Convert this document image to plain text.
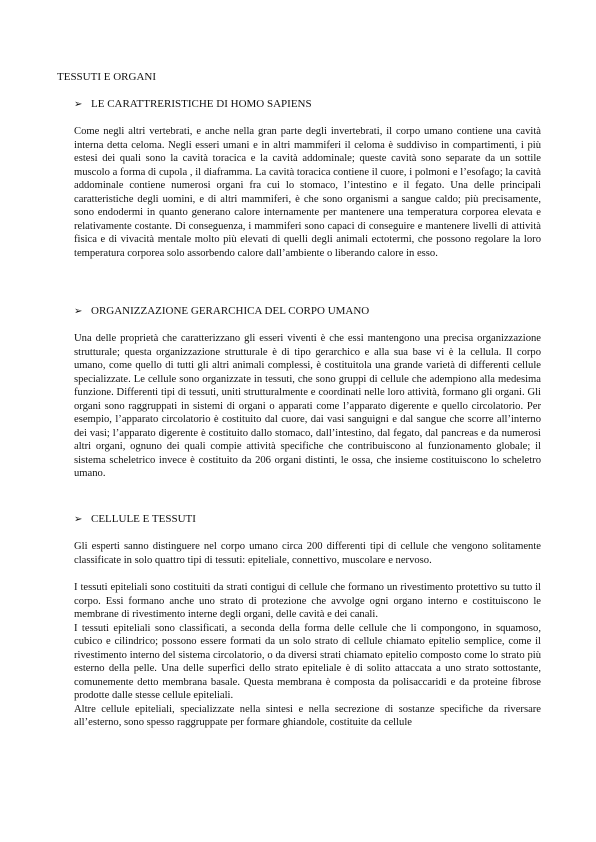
TESSUTI E ORGANI
➢ LE CARATTRERISTICHE DI HOMO SAPIENS

Come negli altri vertebrati, e anche nella gran parte degli invertebrati, il corpo umano contiene una cavità interna detta celoma. Negli esseri umani e in altri mammiferi il celoma è suddiviso in compartimenti, i più estesi dei quali sono la cavità toracica e la cavità addominale; queste cavità sono separate da un sottile muscolo a forma di cupola , il diaframma. La cavità toracica contiene il cuore, i polmoni e l’esofago; la cavità addominale contiene numerosi organi fra cui lo stomaco, l’intestino e il fegato. Una delle principali caratteristiche degli uomini, e di altri mammiferi, è che sono organismi a sangue caldo; più precisamente, sono endodermi in quanto generano calore internamente per mantenere una temperatura corporea elevata e relativamente costante. Di conseguenza, i mammiferi sono capaci di conseguire e mantenere livelli di attività fisica e di vivacità mentale molto più elevati di quelli degli animali ectotermi, che possono regolare la loro temperatura corporea solo assorbendo calore dall’ambiente o liberando calore in esso.

➢ ORGANIZZAZIONE GERARCHICA DEL CORPO UMANO

Una delle proprietà che caratterizzano gli esseri viventi è che essi mantengono una precisa organizzazione strutturale; questa organizzazione strutturale è di tipo gerarchico e alla sua base vi è la cellula. Il corpo umano, come quello di tutti gli altri animali complessi, è costituitola una grande varietà di differenti cellule specializzate. Le cellule sono organizzate in tessuti, che sono gruppi di cellule che adempiono alla medesima funzione. Differenti tipi di tessuti, uniti strutturalmente e coordinati nelle loro attività, formano gli organi. Gli organi sono raggruppati in sistemi di organi o apparati come l’apparato digerente e quello circolatorio. Per esempio, l’apparato circolatorio è costituito dal cuore, dai vasi sanguigni e dal sangue che scorre all’interno dei vasi; l’apparato digerente è costituito dallo stomaco, dall’intestino, dal fegato, dal pancreas e da numerosi altri organi, ognuno dei quali compie attività specifiche che contribuiscono al funzionamento globale; il sistema scheletrico invece è costituito da 206 organi distinti, le ossa, che insieme costituiscono lo scheletro umano.

➢ CELLULE E TESSUTI

Gli esperti sanno distinguere nel corpo umano circa 200 differenti tipi di cellule che vengono solitamente classificate in solo quattro tipi di tessuti: epiteliale, connettivo, muscolare e nervoso.

I tessuti epiteliali sono costituiti da strati contigui di cellule che formano un rivestimento protettivo su tutto il corpo. Essi formano anche uno strato di protezione che avvolge ogni organo interno e costituiscono le membrane di rivestimento interne degli organi, delle cavità e dei canali.

I tessuti epiteliali sono classificati, a seconda della forma delle cellule che li compongono, in squamoso, cubico e cilindrico; possono essere formati da un solo strato di cellule chiamato epitelio semplice, come il rivestimento interno del sistema circolatorio, o da diversi strati chiamato epitelio composto come lo strato più esterno della pelle. Una delle superfici dello strato epiteliale è di solito attaccata a uno strato sottostante, comunemente detto membrana basale. Questa membrana è composta da polisaccaridi e da proteine fibrose prodotte dalle stesse cellule epiteliali.

Altre cellule epiteliali, specializzate nella sintesi e nella secrezione di sostanze specifiche da riversare all’esterno, sono spesso raggruppate per formare ghiandole, costituite da cellule
